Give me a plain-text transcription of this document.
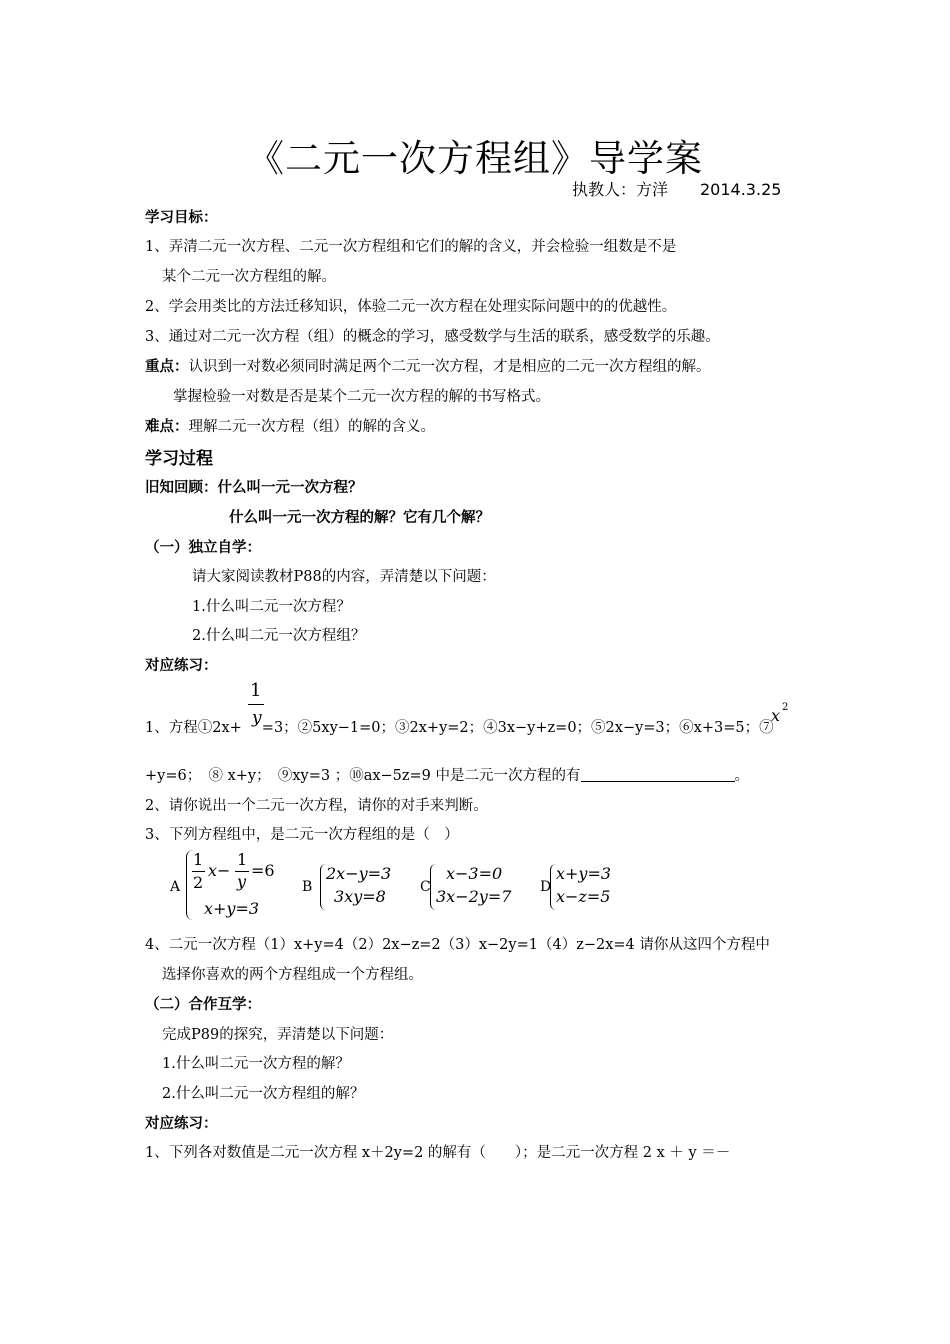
《二元一次方程组》导学案
执教人：方洋　　2014.3.25
学习目标：
1、弄清二元一次方程、二元一次方程组和它们的解的含义，并会检验一组数是不是
某个二元一次方程组的解。
2、学会用类比的方法迁移知识，体验二元一次方程在处理实际问题中的的优越性。
3、通过对二元一次方程（组）的概念的学习，感受数学与生活的联系，感受数学的乐趣。
重点：认识到一对数必须同时满足两个二元一次方程，才是相应的二元一次方程组的解。
掌握检验一对数是否是某个二元一次方程的解的书写格式。
难点：理解二元一次方程（组）的解的含义。
学习过程
旧知回顾：什么叫一元一次方程？
什么叫一元一次方程的解？它有几个解？
（一）独立自学：
请大家阅读教材P88的内容，弄清楚以下问题：
1.什么叫二元一次方程？
2.什么叫二元一次方程组？
对应练习：
1、方程①2x+ =3；②5xy−1=0；③2x+y=2；④3x−y+z=0；⑤2x−y=3；⑥x+3=5；⑦
1
y	x 2
+y=6；　⑧ x+y；　⑨xy=3 ；⑩ax−5z=9 中是二元一次方程的有	。
2、请你说出一个二元一次方程，请你的对手来判断。
3、下列方程组中，是二元一次方程组的是（　）
A
1
2
x−
1
y
=6
x+y=3
B
2x−y=3
3xy=8 C
x−3=0
3x−2y=7 D
x+y=3
x−z=5
4、二元一次方程（1）x+y=4（2）2x−z=2（3）x−2y=1（4）z−2x=4 请你从这四个方程中
选择你喜欢的两个方程组成一个方程组。
（二）合作互学：
完成P89的探究，弄清楚以下问题：
1.什么叫二元一次方程的解？
2.什么叫二元一次方程组的解？
对应练习：
1、下列各对数值是二元一次方程 x＋2y=2 的解有（　　）；是二元一次方程 2 x ＋ y ＝－
